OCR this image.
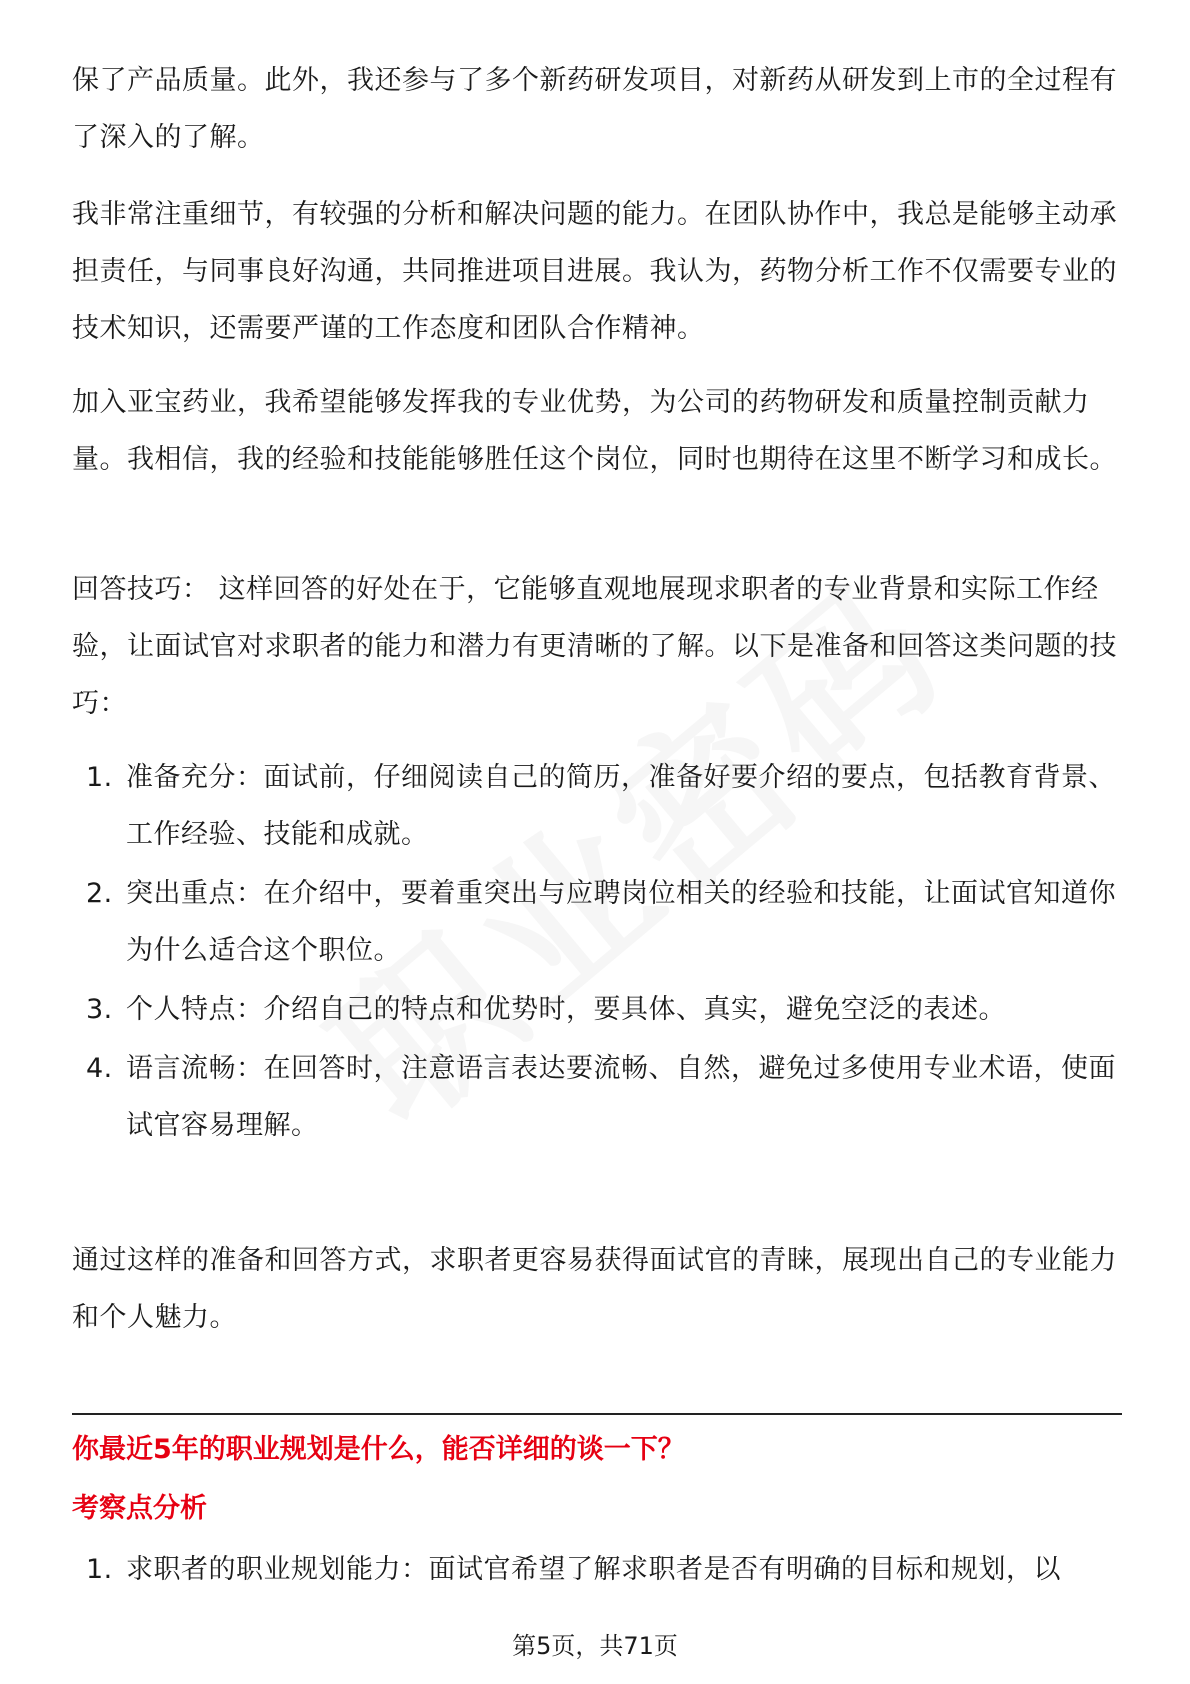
保了产品质量。此外，我还参与了多个新药研发项目，对新药从研发到上市的全过程有了深入的了解。

我非常注重细节，有较强的分析和解决问题的能力。在团队协作中，我总是能够主动承担责任，与同事良好沟通，共同推进项目进展。我认为，药物分析工作不仅需要专业的技术知识，还需要严谨的工作态度和团队合作精神。

加入亚宝药业，我希望能够发挥我的专业优势，为公司的药物研发和质量控制贡献力量。我相信，我的经验和技能能够胜任这个岗位，同时也期待在这里不断学习和成长。

回答技巧： 这样回答的好处在于，它能够直观地展现求职者的专业背景和实际工作经验，让面试官对求职者的能力和潜力有更清晰的了解。以下是准备和回答这类问题的技巧：

1. 准备充分：面试前，仔细阅读自己的简历，准备好要介绍的要点，包括教育背景、工作经验、技能和成就。
2. 突出重点：在介绍中，要着重突出与应聘岗位相关的经验和技能，让面试官知道你为什么适合这个职位。
3. 个人特点：介绍自己的特点和优势时，要具体、真实，避免空泛的表述。
4. 语言流畅：在回答时，注意语言表达要流畅、自然，避免过多使用专业术语，使面试官容易理解。

通过这样的准备和回答方式，求职者更容易获得面试官的青睐，展现出自己的专业能力和个人魅力。

你最近5年的职业规划是什么，能否详细的谈一下？
考察点分析
1. 求职者的职业规划能力：面试官希望了解求职者是否有明确的目标和规划，以
第5页，共71页
